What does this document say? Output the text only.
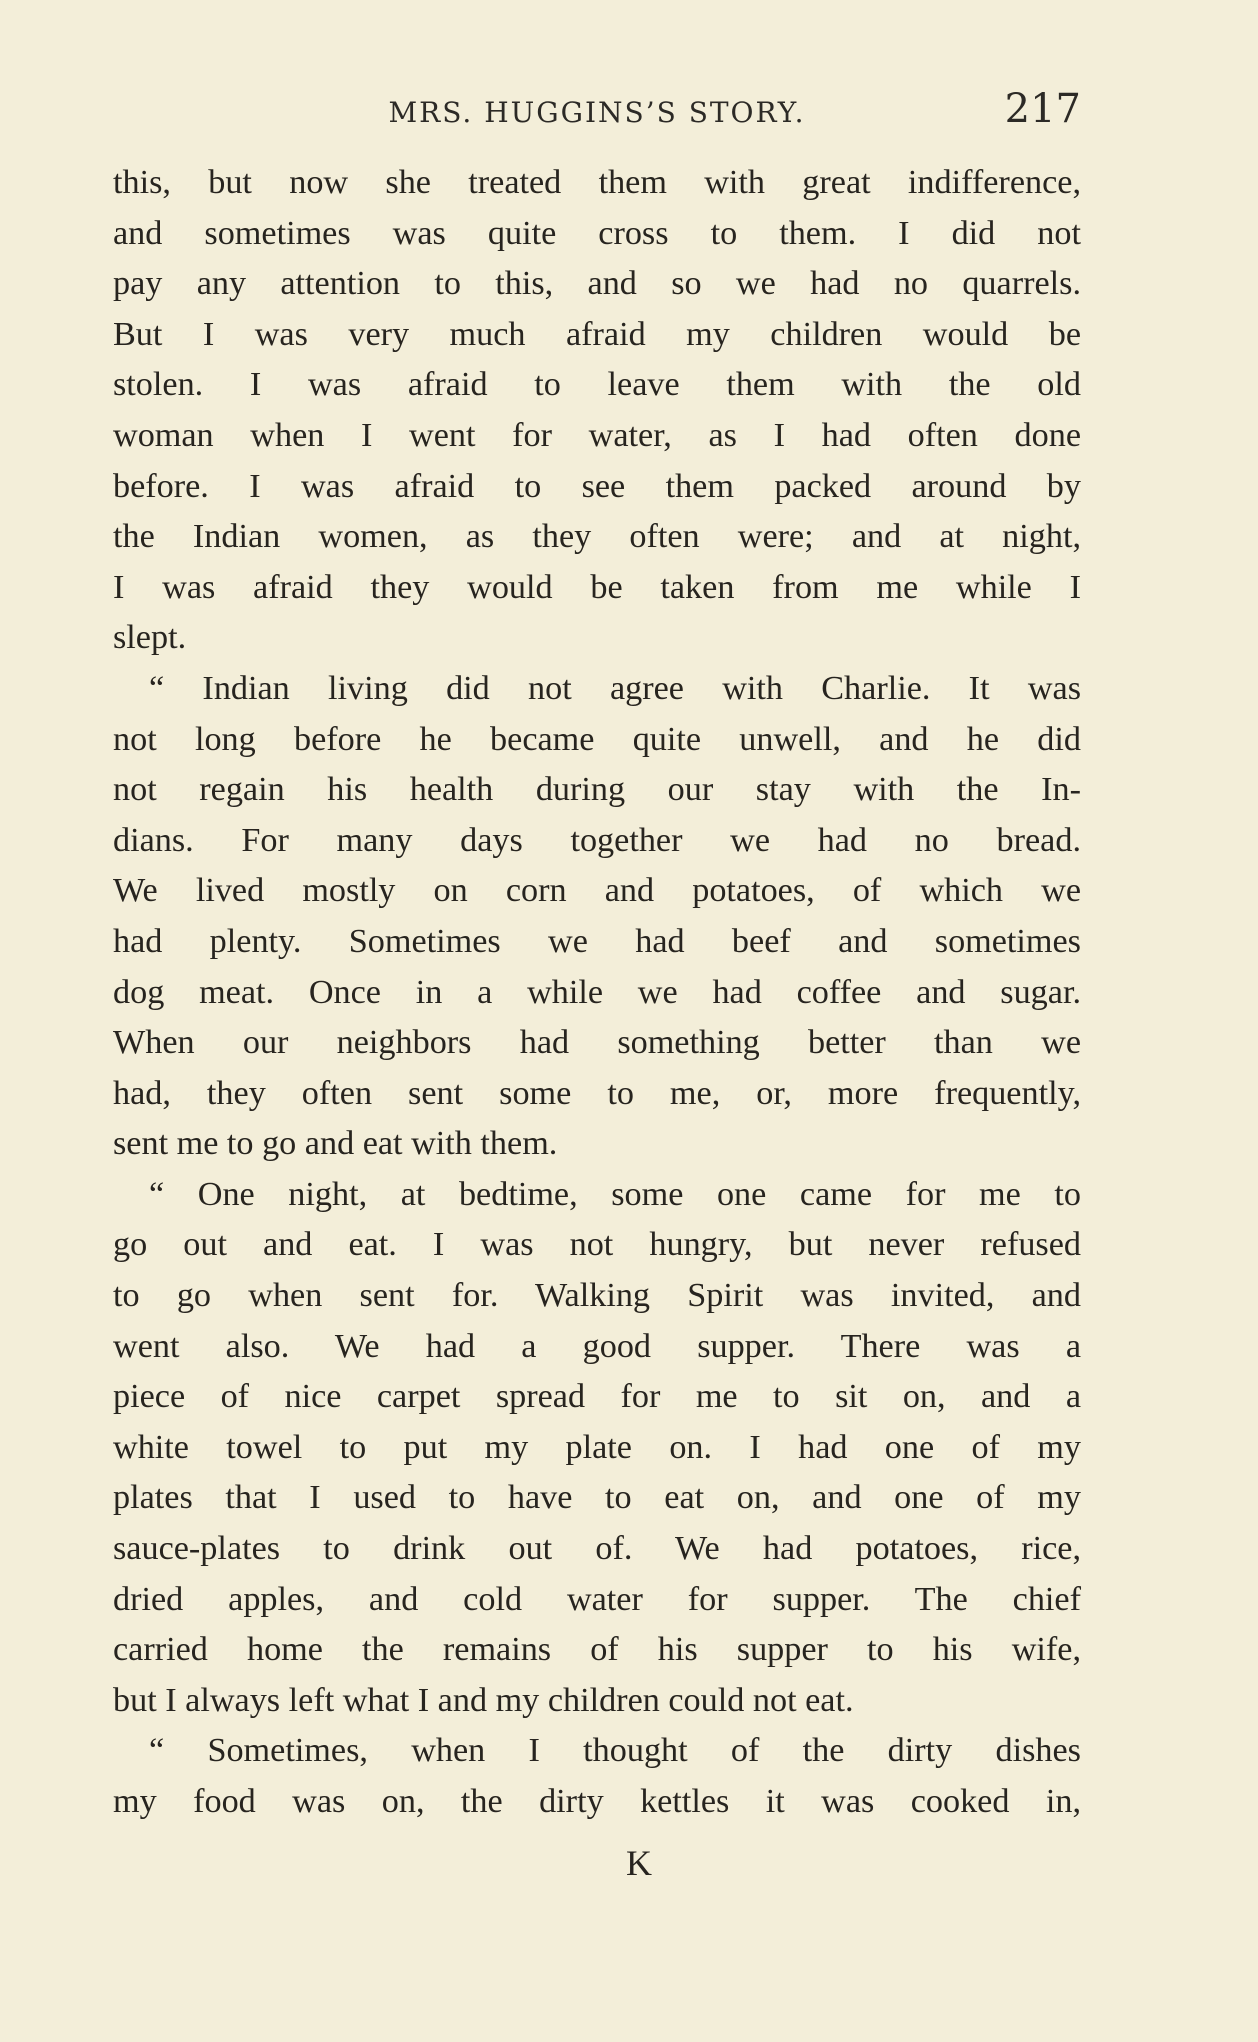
MRS. HUGGINS’S STORY.	217
this, but now she treated them with great indifference,
and sometimes was quite cross to them. I did not
pay any attention to this, and so we had no quarrels.
But I was very much afraid my children would be
stolen. I was afraid to leave them with the old
woman when I went for water, as I had often done
before. I was afraid to see them packed around by
the Indian women, as they often were; and at night,
I was afraid they would be taken from me while I
slept.
“ Indian living did not agree with Charlie. It was
not long before he became quite unwell, and he did
not regain his health during our stay with the In-
dians. For many days together we had no bread.
We lived mostly on corn and potatoes, of which we
had plenty. Sometimes we had beef and sometimes
dog meat. Once in a while we had coffee and sugar.
When our neighbors had something better than we
had, they often sent some to me, or, more frequently,
sent me to go and eat with them.
“ One night, at bedtime, some one came for me to
go out and eat. I was not hungry, but never refused
to go when sent for. Walking Spirit was invited, and
went also. We had a good supper. There was a
piece of nice carpet spread for me to sit on, and a
white towel to put my plate on. I had one of my
plates that I used to have to eat on, and one of my
sauce-plates to drink out of. We had potatoes, rice,
dried apples, and cold water for supper. The chief
carried home the remains of his supper to his wife,
but I always left what I and my children could not eat.
“ Sometimes, when I thought of the dirty dishes
my food was on, the dirty kettles it was cooked in,
K
